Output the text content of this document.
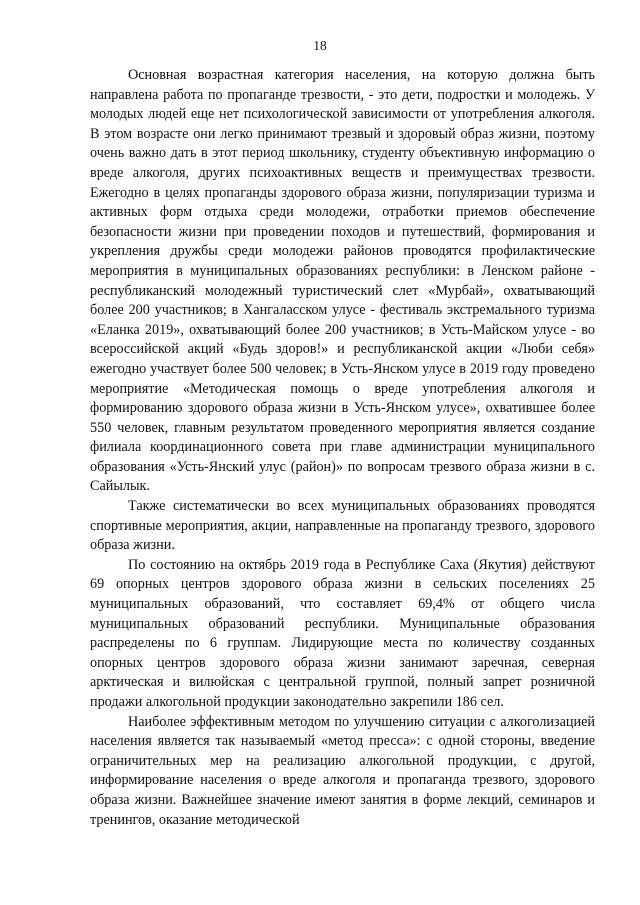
18

Основная возрастная категория населения, на которую должна быть направлена работа по пропаганде трезвости, - это дети, подростки и молодежь. У молодых людей еще нет психологической зависимости от употребления алкоголя. В этом возрасте они легко принимают трезвый и здоровый образ жизни, поэтому очень важно дать в этот период школьнику, студенту объективную информацию о вреде алкоголя, других психоактивных веществ и преимуществах трезвости. Ежегодно в целях пропаганды здорового образа жизни, популяризации туризма и активных форм отдыха среди молодежи, отработки приемов обеспечение безопасности жизни при проведении походов и путешествий, формирования и укрепления дружбы среди молодежи районов проводятся профилактические мероприятия в муниципальных образованиях республики: в Ленском районе - республиканский молодежный туристический слет «Мурбай», охватывающий более 200 участников; в Хангаласском улусе - фестиваль экстремального туризма «Еланка 2019», охватывающий более 200 участников; в Усть-Майском улусе - во всероссийской акций «Будь здоров!» и республиканской акции «Люби себя» ежегодно участвует более 500 человек; в Усть-Янском улусе в 2019 году проведено мероприятие «Методическая помощь о вреде употребления алкоголя и формированию здорового образа жизни в Усть-Янском улусе», охватившее более 550 человек, главным результатом проведенного мероприятия является создание филиала координационного совета при главе администрации муниципального образования «Усть-Янский улус (район)» по вопросам трезвого образа жизни в с. Сайылык.

Также систематически во всех муниципальных образованиях проводятся спортивные мероприятия, акции, направленные на пропаганду трезвого, здорового образа жизни.

По состоянию на октябрь 2019 года в Республике Саха (Якутия) действуют 69 опорных центров здорового образа жизни в сельских поселениях 25 муниципальных образований, что составляет 69,4% от общего числа муниципальных образований республики. Муниципальные образования распределены по 6 группам. Лидирующие места по количеству созданных опорных центров здорового образа жизни занимают заречная, северная арктическая и вилюйская с центральной группой, полный запрет розничной продажи алкогольной продукции законодательно закрепили 186 сел.

Наиболее эффективным методом по улучшению ситуации с алкоголизацией населения является так называемый «метод пресса»: с одной стороны, введение ограничительных мер на реализацию алкогольной продукции, с другой, информирование населения о вреде алкоголя и пропаганда трезвого, здорового образа жизни. Важнейшее значение имеют занятия в форме лекций, семинаров и тренингов, оказание методической
